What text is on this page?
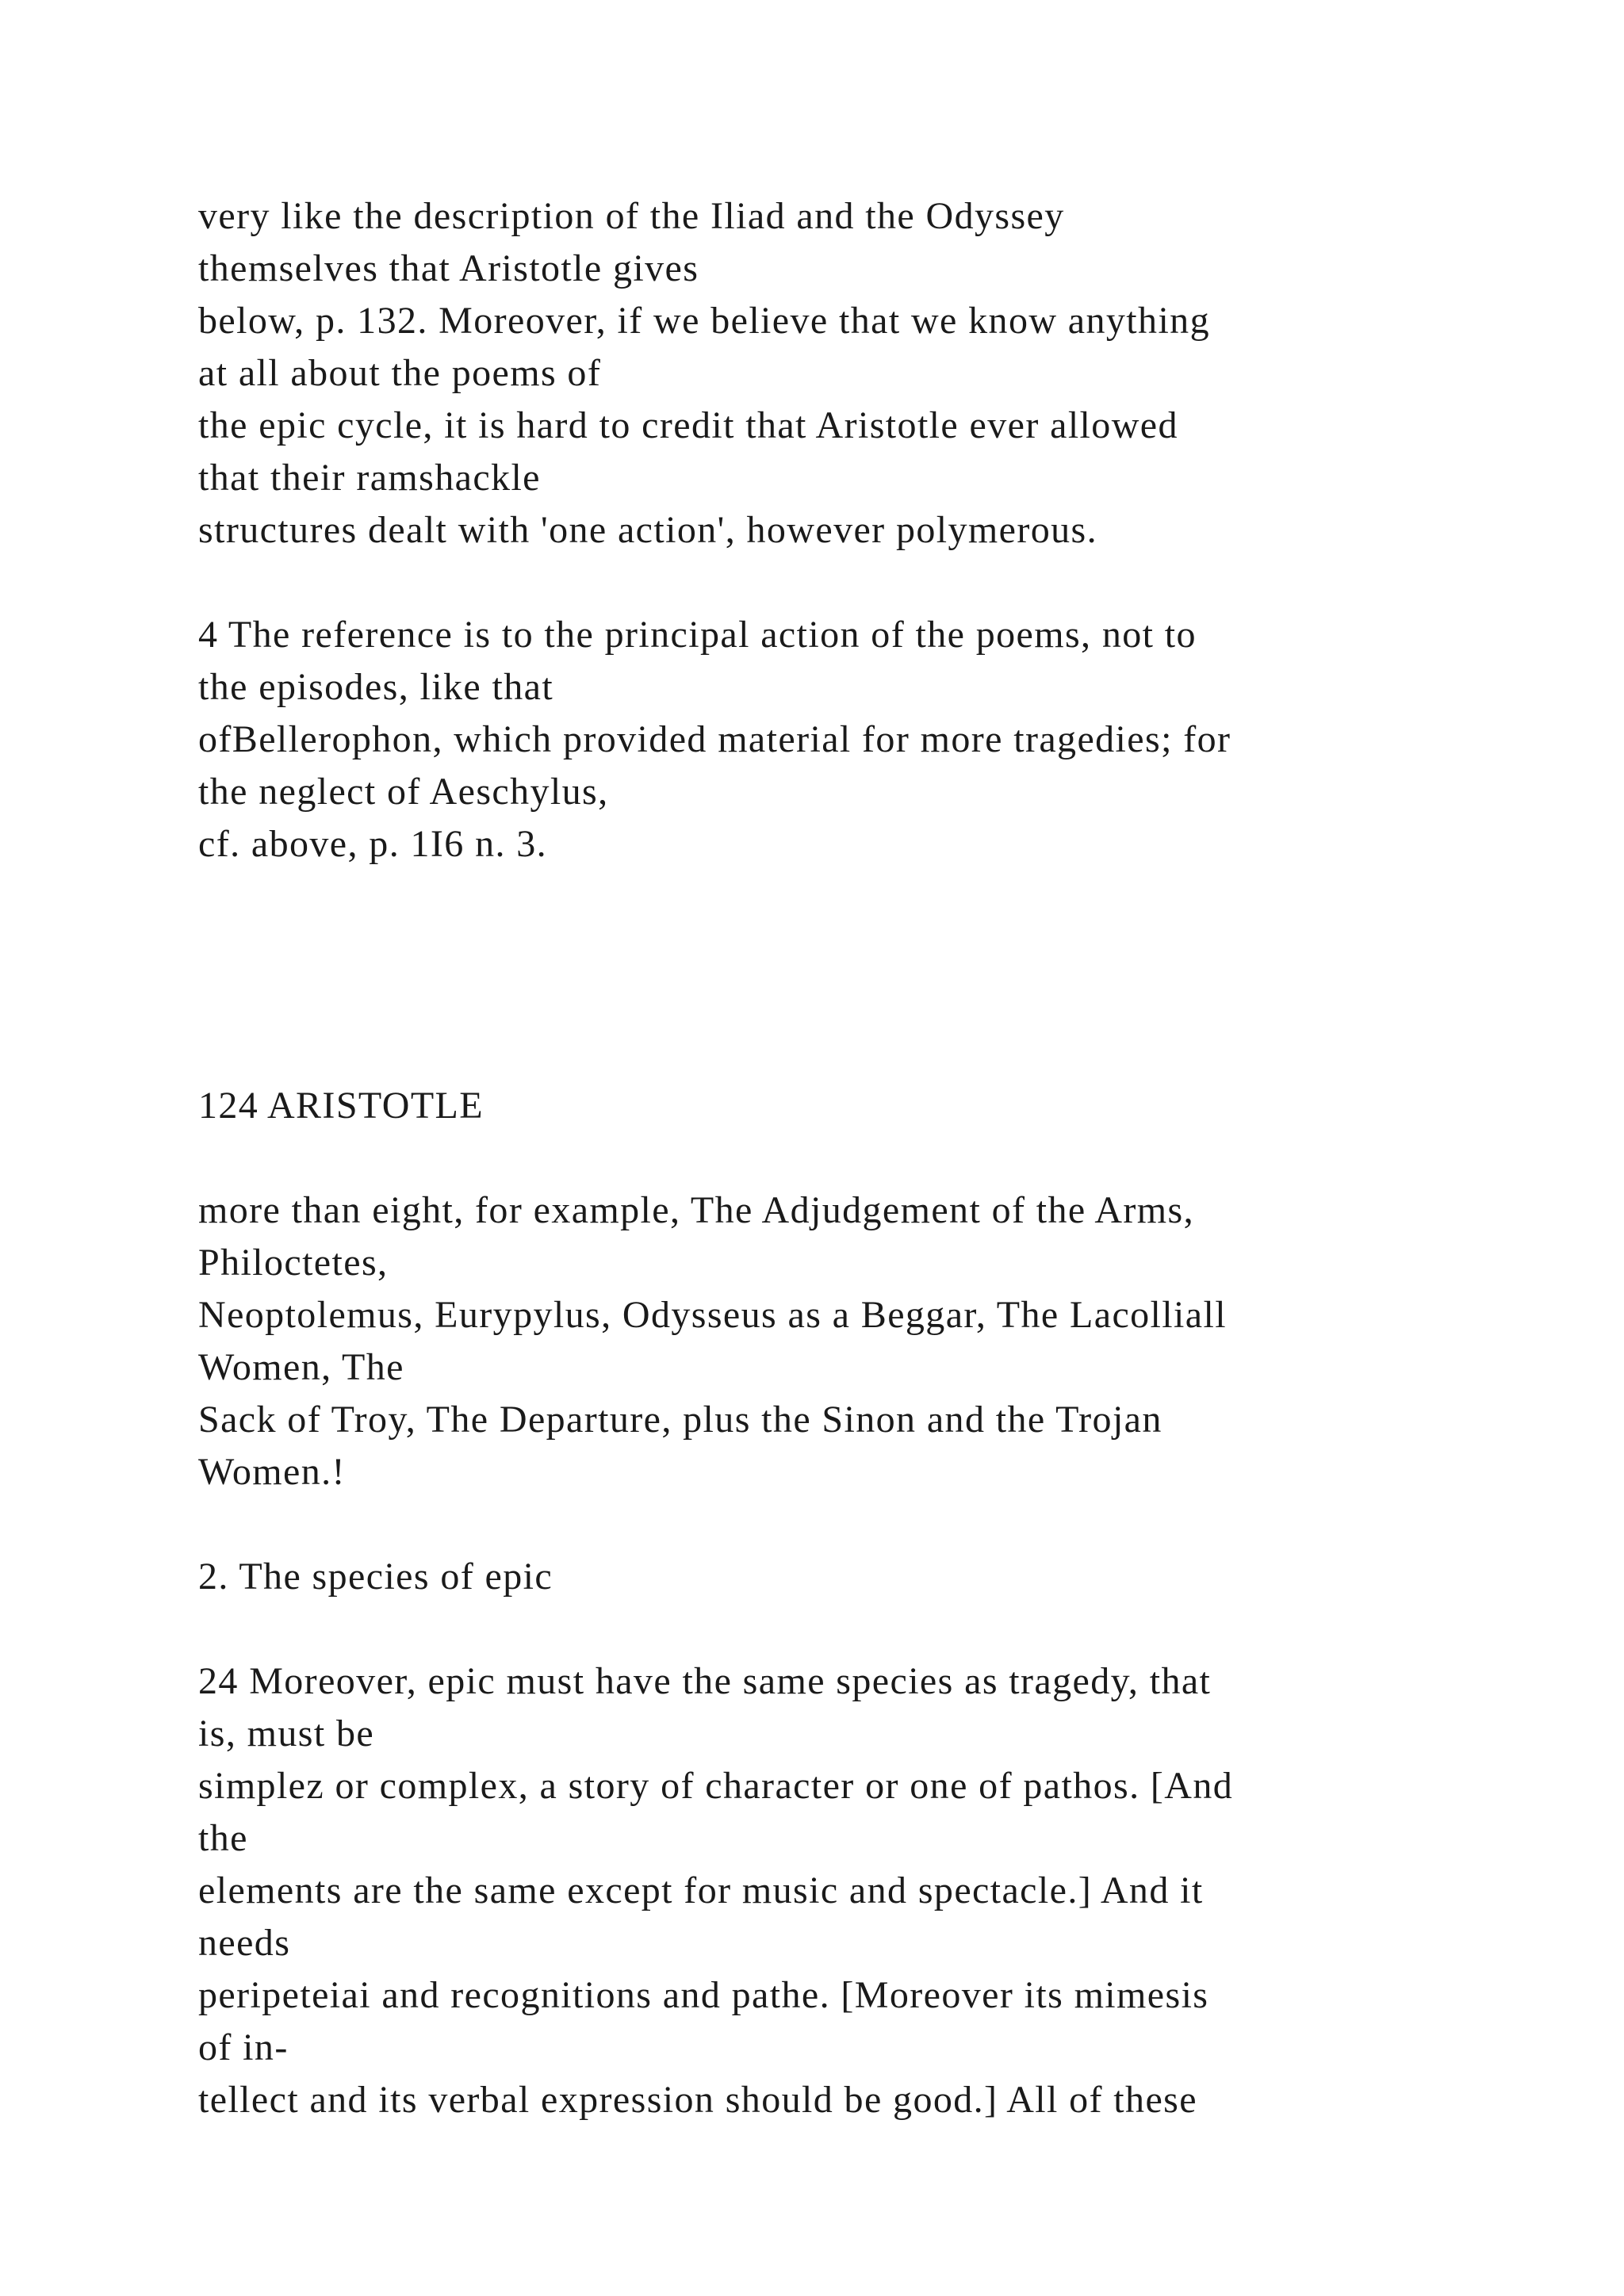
very like the description of the Iliad and the Odyssey
themselves that Aristotle gives
below, p. 132. Moreover, if we believe that we know anything
at all about the poems of
the epic cycle, it is hard to credit that Aristotle ever allowed
that their ramshackle
structures dealt with 'one action', however polymerous.
4 The reference is to the principal action of the poems, not to
the episodes, like that
ofBellerophon, which provided material for more tragedies; for
the neglect of Aeschylus,
cf. above, p. 1I6 n. 3.
124 ARISTOTLE
more than eight, for example, The Adjudgement of the Arms,
Philoctetes,
Neoptolemus, Eurypylus, Odysseus as a Beggar, The Lacolliall
Women, The
Sack of Troy, The Departure, plus the Sinon and the Trojan
Women.!
2. The species of epic
24 Moreover, epic must have the same species as tragedy, that
is, must be
simplez or complex, a story of character or one of pathos. [And
the
elements are the same except for music and spectacle.] And it
needs
peripeteiai and recognitions and pathe. [Moreover its mimesis
of in-
tellect and its verbal expression should be good.] All of these
